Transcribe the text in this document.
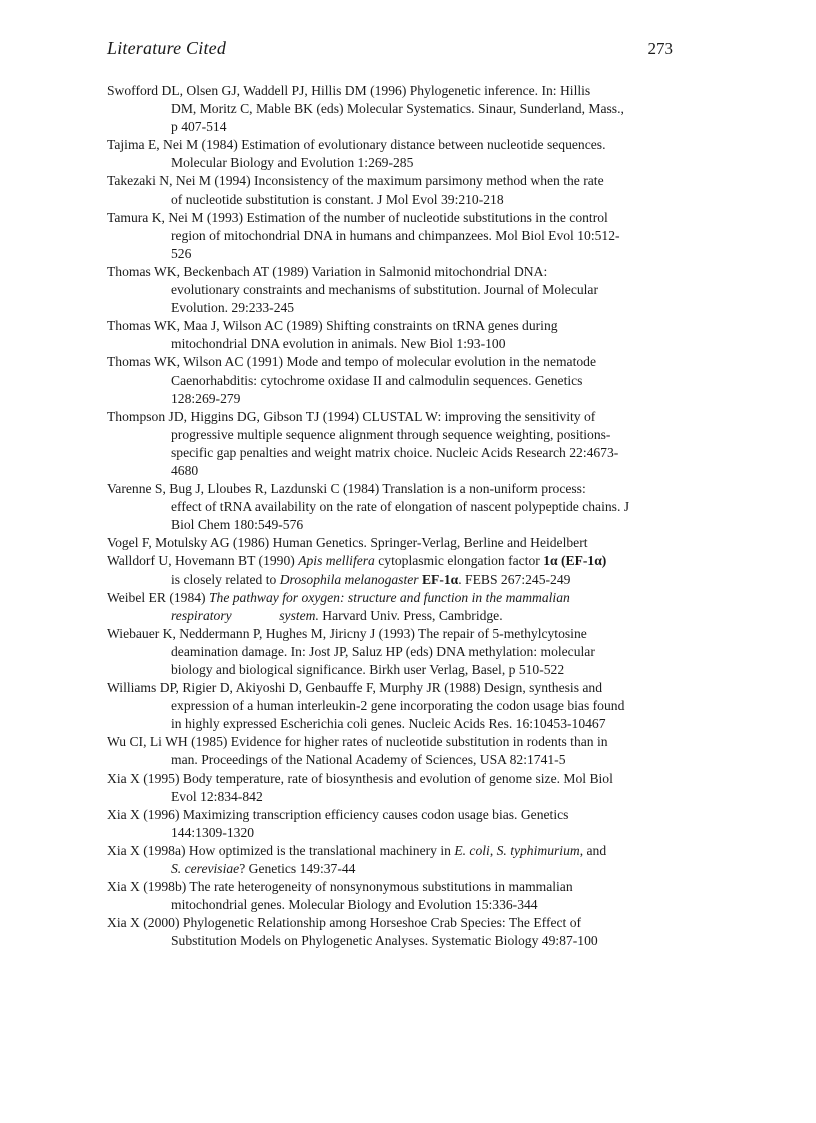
Literature Cited	273

Swofford DL, Olsen GJ, Waddell PJ, Hillis DM (1996) Phylogenetic inference. In: Hillis
DM, Moritz C, Mable BK (eds) Molecular Systematics. Sinaur, Sunderland, Mass.,
p 407-514

Tajima E, Nei M (1984) Estimation of evolutionary distance between nucleotide sequences.
Molecular Biology and Evolution 1:269-285

Takezaki N, Nei M (1994) Inconsistency of the maximum parsimony method when the rate
of nucleotide substitution is constant. J Mol Evol 39:210-218

Tamura K, Nei M (1993) Estimation of the number of nucleotide substitutions in the control
region of mitochondrial DNA in humans and chimpanzees. Mol Biol Evol 10:512-
526

Thomas WK, Beckenbach AT (1989) Variation in Salmonid mitochondrial DNA:
evolutionary constraints and mechanisms of substitution. Journal of Molecular
Evolution. 29:233-245

Thomas WK, Maa J, Wilson AC (1989) Shifting constraints on tRNA genes during
mitochondrial DNA evolution in animals. New Biol 1:93-100

Thomas WK, Wilson AC (1991) Mode and tempo of molecular evolution in the nematode
Caenorhabditis: cytochrome oxidase II and calmodulin sequences. Genetics
128:269-279

Thompson JD, Higgins DG, Gibson TJ (1994) CLUSTAL W: improving the sensitivity of
progressive multiple sequence alignment through sequence weighting, positions-
specific gap penalties and weight matrix choice. Nucleic Acids Research 22:4673-
4680

Varenne S, Bug J, Lloubes R, Lazdunski C (1984) Translation is a non-uniform process:
effect of tRNA availability on the rate of elongation of nascent polypeptide chains. J
Biol Chem 180:549-576

Vogel F, Motulsky AG (1986) Human Genetics. Springer-Verlag, Berline and Heidelbert

Walldorf U, Hovemann BT (1990) Apis mellifera cytoplasmic elongation factor 1α (EF-1α)
is closely related to Drosophila melanogaster EF-1α. FEBS 267:245-249

Weibel ER (1984) The pathway for oxygen: structure and function in the mammalian
respiratory              system. Harvard Univ. Press, Cambridge.

Wiebauer K, Neddermann P, Hughes M, Jiricny J (1993) The repair of 5-methylcytosine
deamination damage. In: Jost JP, Saluz HP (eds) DNA methylation: molecular
biology and biological significance. Birkh user Verlag, Basel, p 510-522

Williams DP, Rigier D, Akiyoshi D, Genbauffe F, Murphy JR (1988) Design, synthesis and
expression of a human interleukin-2 gene incorporating the codon usage bias found
in highly expressed Escherichia coli genes. Nucleic Acids Res. 16:10453-10467

Wu CI, Li WH (1985) Evidence for higher rates of nucleotide substitution in rodents than in
man. Proceedings of the National Academy of Sciences, USA 82:1741-5

Xia X (1995) Body temperature, rate of biosynthesis and evolution of genome size. Mol Biol
Evol 12:834-842

Xia X (1996) Maximizing transcription efficiency causes codon usage bias. Genetics
144:1309-1320

Xia X (1998a) How optimized is the translational machinery in E. coli, S. typhimurium, and
S. cerevisiae? Genetics 149:37-44

Xia X (1998b) The rate heterogeneity of nonsynonymous substitutions in mammalian
mitochondrial genes. Molecular Biology and Evolution 15:336-344

Xia X (2000) Phylogenetic Relationship among Horseshoe Crab Species: The Effect of
Substitution Models on Phylogenetic Analyses. Systematic Biology 49:87-100
